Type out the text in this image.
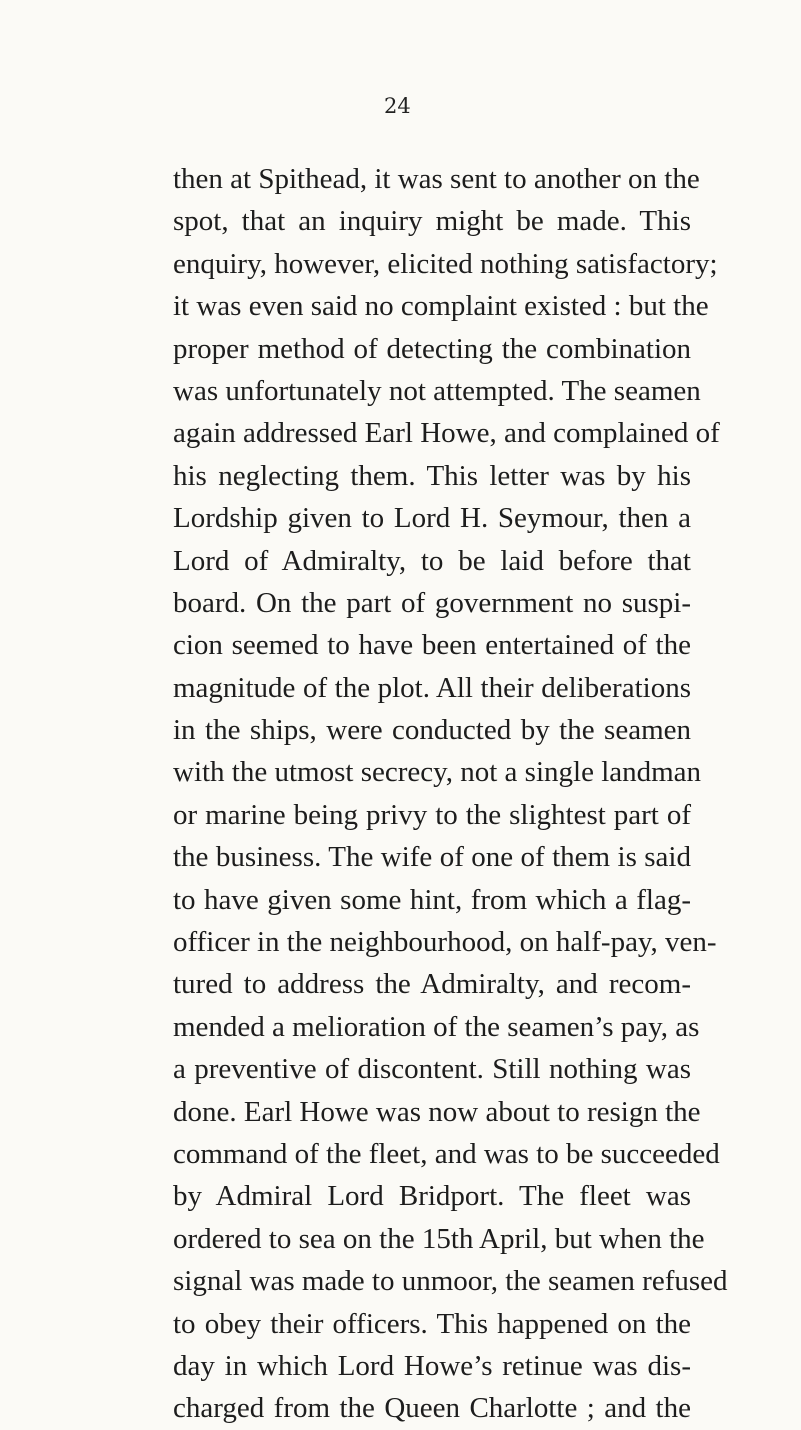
24
then at Spithead, it was sent to another on the
spot, that an inquiry might be made. This
enquiry, however, elicited nothing satisfactory;
it was even said no complaint existed : but the
proper method of detecting the combination
was unfortunately not attempted. The seamen
again addressed Earl Howe, and complained of
his neglecting them. This letter was by his
Lordship given to Lord H. Seymour, then a
Lord of Admiralty, to be laid before that
board. On the part of government no suspi-
cion seemed to have been entertained of the
magnitude of the plot. All their deliberations
in the ships, were conducted by the seamen
with the utmost secrecy, not a single landman
or marine being privy to the slightest part of
the business. The wife of one of them is said
to have given some hint, from which a flag-
officer in the neighbourhood, on half-pay, ven-
tured to address the Admiralty, and recom-
mended a melioration of the seamen’s pay, as
a preventive of discontent. Still nothing was
done. Earl Howe was now about to resign the
command of the fleet, and was to be succeeded
by Admiral Lord Bridport. The fleet was
ordered to sea on the 15th April, but when the
signal was made to unmoor, the seamen refused
to obey their officers. This happened on the
day in which Lord Howe’s retinue was dis-
charged from the Queen Charlotte ; and the
